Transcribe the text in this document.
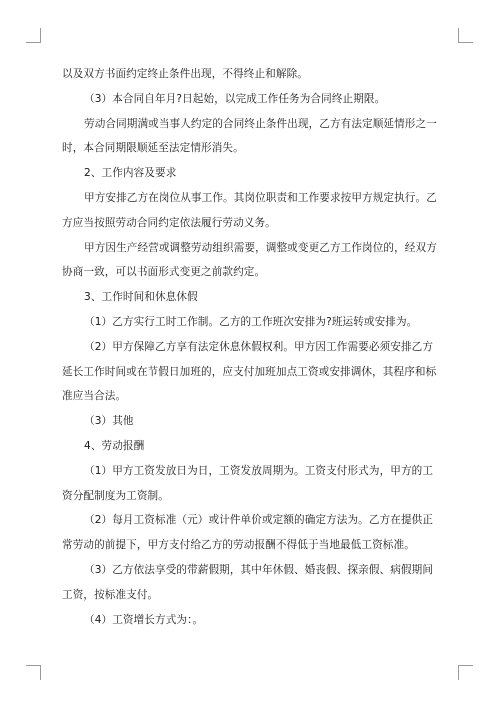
以及双方书面约定终止条件出现，不得终止和解除。

（3）本合同自年月?日起始，以完成工作任务为合同终止期限。

劳动合同期满或当事人约定的合同终止条件出现，乙方有法定顺延情形之一时，本合同期限顺延至法定情形消失。

2、工作内容及要求

甲方安排乙方在岗位从事工作。其岗位职责和工作要求按甲方规定执行。乙方应当按照劳动合同约定依法履行劳动义务。

甲方因生产经营或调整劳动组织需要，调整或变更乙方工作岗位的，经双方协商一致，可以书面形式变更之前款约定。

3、工作时间和休息休假

（1）乙方实行工时工作制。乙方的工作班次安排为?班运转或安排为。

（2）甲方保障乙方享有法定休息休假权利。甲方因工作需要必须安排乙方延长工作时间或在节假日加班的，应支付加班加点工资或安排调休，其程序和标准应当合法。

（3）其他

4、劳动报酬

（1）甲方工资发放日为日，工资发放周期为。工资支付形式为，甲方的工资分配制度为工资制。

（2）每月工资标准（元）或计件单价或定额的确定方法为。乙方在提供正常劳动的前提下，甲方支付给乙方的劳动报酬不得低于当地最低工资标准。

（3）乙方依法享受的带薪假期，其中年休假、婚丧假、探亲假、病假期间工资，按标准支付。

（4）工资增长方式为：。
